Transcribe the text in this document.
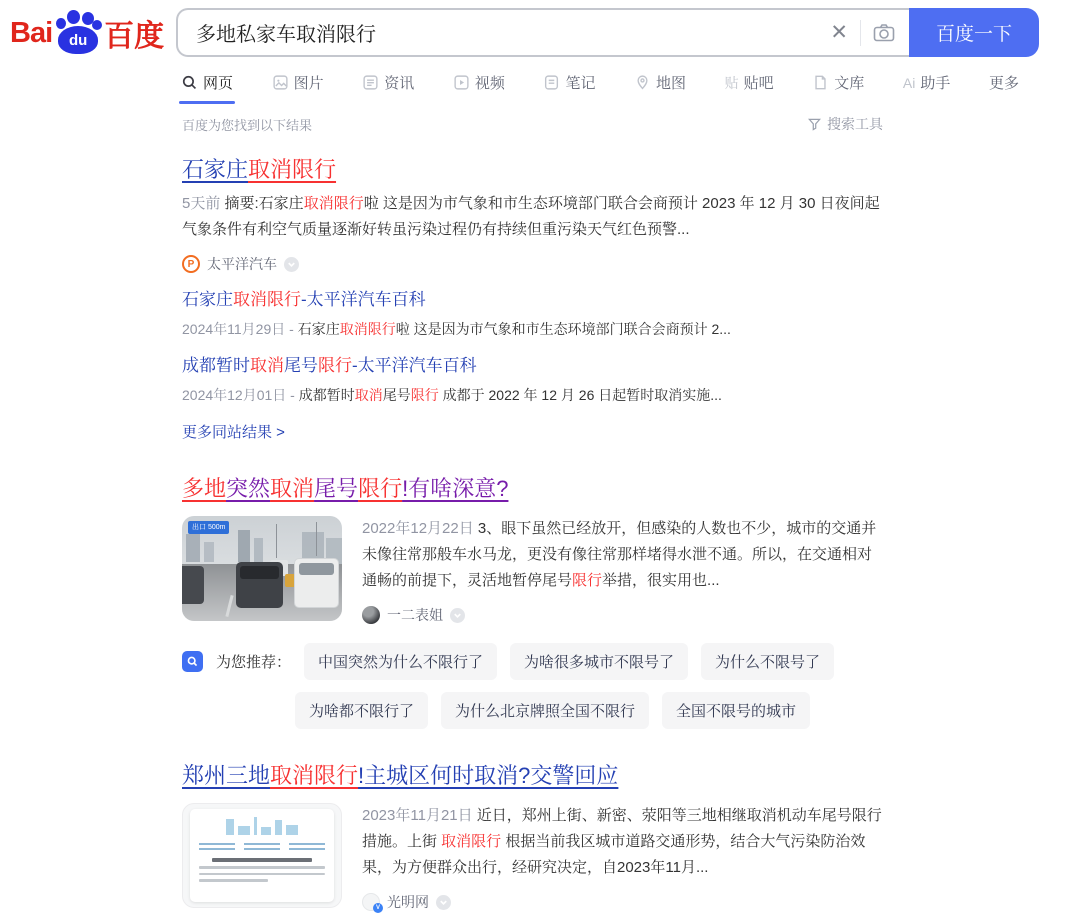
Bai du 百度
多地私家车取消限行	✕	百度一下
网页	图片	资讯	视频	笔记	地图	贴 贴吧	文库	Ai 助手	更多
百度为您找到以下结果	搜索工具
石家庄取消限行
5天前 摘要:石家庄取消限行啦 这是因为市气象和市生态环境部门联合会商预计 2023 年 12 月 30 日夜间起气象条件有利空气质量逐渐好转虽污染过程仍有持续但重污染天气红色预警...
P 太平洋汽车
石家庄取消限行-太平洋汽车百科
2024年11月29日 - 石家庄取消限行啦 这是因为市气象和市生态环境部门联合会商预计 2...
成都暂时取消尾号限行-太平洋汽车百科
2024年12月01日 - 成都暂时取消尾号限行 成都于 2022 年 12 月 26 日起暂时取消实施...
更多同站结果 >
多地突然取消尾号限行!有啥深意?
出口 500m	2022年12月22日 3、眼下虽然已经放开，但感染的人数也不少，城市的交通并未像往常那般车水马龙，更没有像往常那样堵得水泄不通。所以，在交通相对通畅的前提下，灵活地暂停尾号限行举措，很实用也...
一二表姐
为您推荐：	中国突然为什么不限行了	为啥很多城市不限号了	为什么不限号了
为啥都不限行了	为什么北京牌照全国不限行	全国不限号的城市
郑州三地取消限行!主城区何时取消?交警回应
2023年11月21日 近日，郑州上街、新密、荥阳等三地相继取消机动车尾号限行措施。上街 取消限行 根据当前我区城市道路交通形势，结合大气污染防治效果，为方便群众出行，经研究决定，自2023年11月...
V 光明网
